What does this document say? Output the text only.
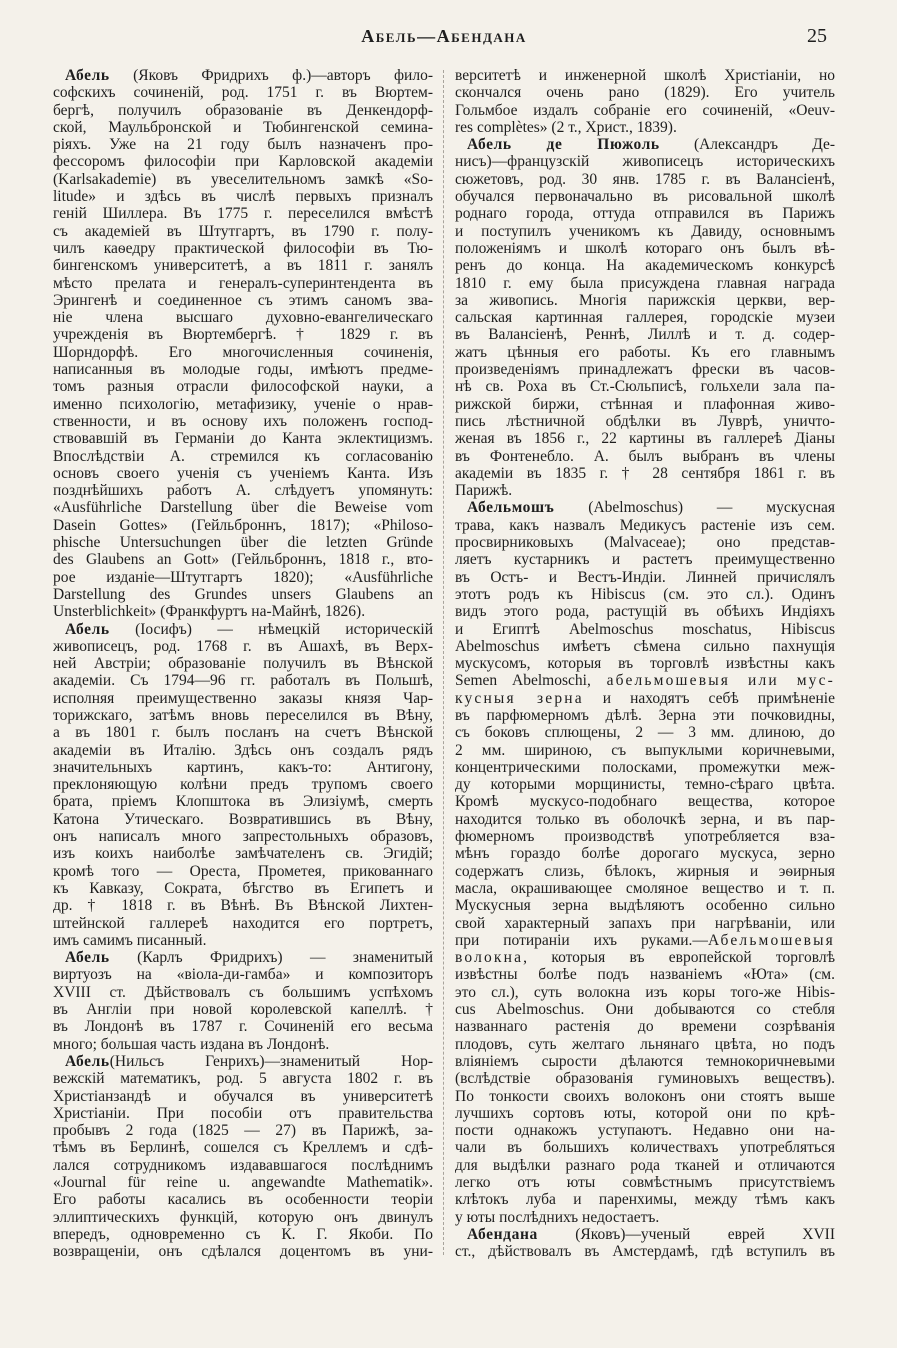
Абель—Абендана	25
Абель (Яковъ Фридрихъ ф.)—авторъ фило-
софскихъ сочиненій, род. 1751 г. въ Вюртем-
бергѣ, получилъ образованіе въ Денкендорф-
ской, Маульбронской и Тюбингенской семина-
ріяхъ. Уже на 21 году былъ назначенъ про-
фессоромъ философіи при Карловской академіи
(Karlsakademie) въ увеселительномъ замкѣ «So-
litude» и здѣсь въ числѣ первыхъ призналъ
геній Шиллера. Въ 1775 г. переселился вмѣстѣ
съ академіей въ Штутгартъ, въ 1790 г. полу-
чилъ каѳедру практической философіи въ Тю-
бингенскомъ университетѣ, а въ 1811 г. занялъ
мѣсто прелата и генералъ-суперинтендента въ
Эрингенѣ и соединенное съ этимъ саномъ зва-
ніе члена высшаго духовно-евангелическаго
учрежденія въ Вюртембергѣ. † 1829 г. въ
Шорндорфѣ. Его многочисленныя сочиненія,
написанныя въ молодые годы, имѣютъ предме-
томъ разныя отрасли философской науки, а
именно психологію, метафизику, ученіе о нрав-
ственности, и въ основу ихъ положенъ господ-
ствовавшій въ Германіи до Канта эклектицизмъ.
Впослѣдствіи А. стремился къ согласованію
основъ своего ученія съ ученіемъ Канта. Изъ
позднѣйшихъ работъ А. слѣдуетъ упомянуть:
«Ausführliche Darstellung über die Beweise vom
Dasein Gottes» (Гейльброннъ, 1817); «Philoso-
phische Untersuchungen über die letzten Gründe
des Glaubens an Gott» (Гейльброннъ, 1818 г., вто-
рое изданіе—Штутгартъ 1820); «Ausführliche
Darstellung des Grundes unsers Glaubens an
Unsterblichkeit» (Франкфуртъ на-Майнѣ, 1826).
Абель (Іосифъ) — нѣмецкій историческій
живописецъ, род. 1768 г. въ Ашахѣ, въ Верх-
ней Австріи; образованіе получилъ въ Вѣнской
академіи. Съ 1794—96 гг. работалъ въ Польшѣ,
исполняя преимущественно заказы князя Чар-
торижскаго, затѣмъ вновь переселился въ Вѣну,
а въ 1801 г. былъ посланъ на счетъ Вѣнской
академіи въ Италію. Здѣсь онъ создалъ рядъ
значительныхъ картинъ, какъ-то: Антигону,
преклоняющую колѣни предъ трупомъ своего
брата, пріемъ Клопштока въ Элизіумѣ, смерть
Катона Утическаго. Возвратившись въ Вѣну,
онъ написалъ много запрестольныхъ образовъ,
изъ коихъ наиболѣе замѣчателенъ св. Эгидій;
кромѣ того — Ореста, Прометея, прикованнаго
къ Кавказу, Сократа, бѣгство въ Египетъ и
др. † 1818 г. въ Вѣнѣ. Въ Вѣнской Лихтен-
штейнской галлереѣ находится его портретъ,
имъ самимъ писанный.
Абель (Карлъ Фридрихъ) — знаменитый
виртуозъ на «віола-ди-гамба» и композиторъ
XVIII ст. Дѣйствовалъ съ большимъ успѣхомъ
въ Англіи при новой королевской капеллѣ. †
въ Лондонѣ въ 1787 г. Сочиненій его весьма
много; большая часть издана въ Лондонѣ.
Абель(Нильсъ Генрихъ)—знаменитый Нор-
вежскій математикъ, род. 5 августа 1802 г. въ
Христіанзандѣ и обучался въ университетѣ
Христіаніи. При пособіи отъ правительства
пробывъ 2 года (1825 — 27) въ Парижѣ, за-
тѣмъ въ Берлинѣ, сошелся съ Креллемъ и сдѣ-
лался сотрудникомъ издававшагося послѣднимъ
«Journal für reine u. angewandte Mathematik».
Его работы касались въ особенности теоріи
эллиптическихъ функцій, которую онъ двинулъ
впередъ, одновременно съ К. Г. Якоби. По
возвращеніи, онъ сдѣлался доцентомъ въ уни-
верситетѣ и инженерной школѣ Христіаніи, но
скончался очень рано (1829). Его учитель
Гольмбое издалъ собраніе его сочиненій, «Oeuv-
res complètes» (2 т., Христ., 1839).
Абель де Пюжоль (Александръ Де-
нисъ)—французскій живописецъ историческихъ
сюжетовъ, род. 30 янв. 1785 г. въ Валансіенѣ,
обучался первоначально въ рисовальной школѣ
роднаго города, оттуда отправился въ Парижъ
и поступилъ ученикомъ къ Давиду, основнымъ
положеніямъ и школѣ котораго онъ былъ вѣ-
ренъ до конца. На академическомъ конкурсѣ
1810 г. ему была присуждена главная награда
за живопись. Многія парижскія церкви, вер-
сальская картинная галлерея, городскіе музеи
въ Валансіенѣ, Реннѣ, Лиллѣ и т. д. содер-
жатъ цѣнныя его работы. Къ его главнымъ
произведеніямъ принадлежатъ фрески въ часов-
нѣ св. Роха въ Ст.-Сюльписѣ, гольхели зала па-
рижской биржи, стѣнная и плафонная живо-
пись лѣстничной обдѣлки въ Луврѣ, уничто-
женая въ 1856 г., 22 картины въ галлереѣ Діаны
въ Фонтенебло. А. былъ выбранъ въ члены
академіи въ 1835 г. † 28 сентября 1861 г. въ
Парижѣ.
Абельмошъ (Abelmoschus) — мускусная
трава, какъ назвалъ Медикусъ растеніе изъ сем.
просвирниковыхъ (Malvaceae); оно представ-
ляетъ кустарникъ и растетъ преимущественно
въ Остъ- и Вестъ-Индіи. Линней причислялъ
этотъ родъ къ Hibiscus (см. это сл.). Одинъ
видъ этого рода, растущій въ обѣихъ Индіяхъ
и Египтѣ Abelmoschus moschatus, Hibiscus
Abelmoschus имѣетъ сѣмена сильно пахнущія
мускусомъ, которыя въ торговлѣ извѣстны какъ
Semen Abelmoschi, абельмошевыя или мус-
кусныя зерна и находятъ себѣ примѣненіе
въ парфюмерномъ дѣлѣ. Зерна эти почковидны,
съ боковъ сплющены, 2 — 3 мм. длиною, до
2 мм. шириною, съ выпуклыми коричневыми,
концентрическими полосками, промежутки меж-
ду которыми морщинисты, темно-сѣраго цвѣта.
Кромѣ мускусо-подобнаго вещества, которое
находится только въ оболочкѣ зерна, и въ пар-
фюмерномъ производствѣ употребляется вза-
мѣнъ гораздо болѣе дорогаго мускуса, зерно
содержатъ слизь, бѣлокъ, жирныя и эѳирныя
масла, окрашивающее смоляное вещество и т. п.
Мускусныя зерна выдѣляютъ особенно сильно
свой характерный запахъ при нагрѣваніи, или
при потираніи ихъ руками.—Абельмошевыя
волокна, которыя въ европейской торговлѣ
извѣстны болѣе подъ названіемъ «Юта» (см.
это сл.), суть волокна изъ коры того-же Hibis-
cus Abelmoschus. Они добываются со стебля
названнаго растенія до времени созрѣванія
плодовъ, суть желтаго льнянаго цвѣта, но подъ
вліяніемъ сырости дѣлаются темнокоричневыми
(вслѣдствіе образованія гуминовыхъ веществъ).
По тонкости своихъ волоконъ они стоятъ выше
лучшихъ сортовъ юты, которой они по крѣ-
пости однакожъ уступаютъ. Недавно они на-
чали въ большихъ количествахъ употребляться
для выдѣлки разнаго рода тканей и отличаются
легко отъ юты совмѣстнымъ присутствіемъ
клѣтокъ луба и паренхимы, между тѣмъ какъ
у юты послѣднихъ недостаетъ.
Абендана (Яковъ)—ученый еврей XVII
ст., дѣйствовалъ въ Амстердамѣ, гдѣ вступилъ въ
